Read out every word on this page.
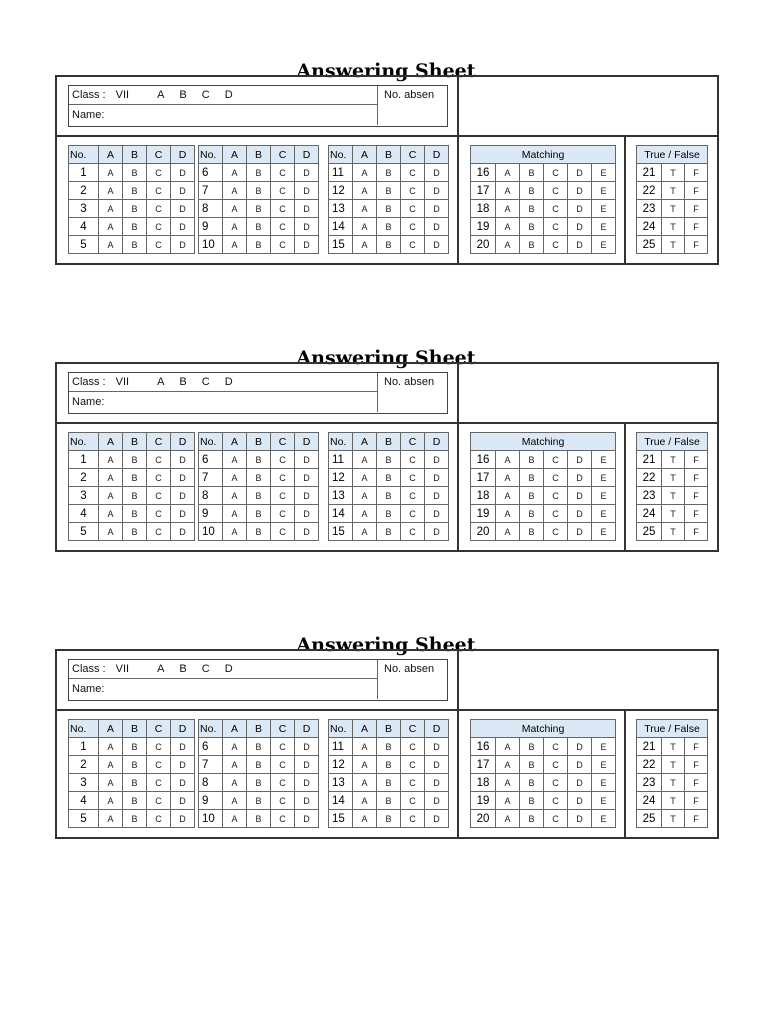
Answering Sheet
Class : VII	A B C D
Name:
No. absen
No.	A	B	C	D
1	A	B	C	D
2	A	B	C	D
3	A	B	C	D
4	A	B	C	D
5	A	B	C	D
No.	A	B	C	D
6	A	B	C	D
7	A	B	C	D
8	A	B	C	D
9	A	B	C	D
10	A	B	C	D
No.	A	B	C	D
11	A	B	C	D
12	A	B	C	D
13	A	B	C	D
14	A	B	C	D
15	A	B	C	D
Matching					
16	A	B	C	D	E
17	A	B	C	D	E
18	A	B	C	D	E
19	A	B	C	D	E
20	A	B	C	D	E
True / False		
21	T	F
22	T	F
23	T	F
24	T	F
25	T	F
Answering Sheet
Class : VII	A B C D
Name:
No. absen
No.	A	B	C	D
1	A	B	C	D
2	A	B	C	D
3	A	B	C	D
4	A	B	C	D
5	A	B	C	D
No.	A	B	C	D
6	A	B	C	D
7	A	B	C	D
8	A	B	C	D
9	A	B	C	D
10	A	B	C	D
No.	A	B	C	D
11	A	B	C	D
12	A	B	C	D
13	A	B	C	D
14	A	B	C	D
15	A	B	C	D
Matching					
16	A	B	C	D	E
17	A	B	C	D	E
18	A	B	C	D	E
19	A	B	C	D	E
20	A	B	C	D	E
True / False		
21	T	F
22	T	F
23	T	F
24	T	F
25	T	F
Answering Sheet
Class : VII	A B C D
Name:
No. absen
No.	A	B	C	D
1	A	B	C	D
2	A	B	C	D
3	A	B	C	D
4	A	B	C	D
5	A	B	C	D
No.	A	B	C	D
6	A	B	C	D
7	A	B	C	D
8	A	B	C	D
9	A	B	C	D
10	A	B	C	D
No.	A	B	C	D
11	A	B	C	D
12	A	B	C	D
13	A	B	C	D
14	A	B	C	D
15	A	B	C	D
Matching					
16	A	B	C	D	E
17	A	B	C	D	E
18	A	B	C	D	E
19	A	B	C	D	E
20	A	B	C	D	E
True / False		
21	T	F
22	T	F
23	T	F
24	T	F
25	T	F
